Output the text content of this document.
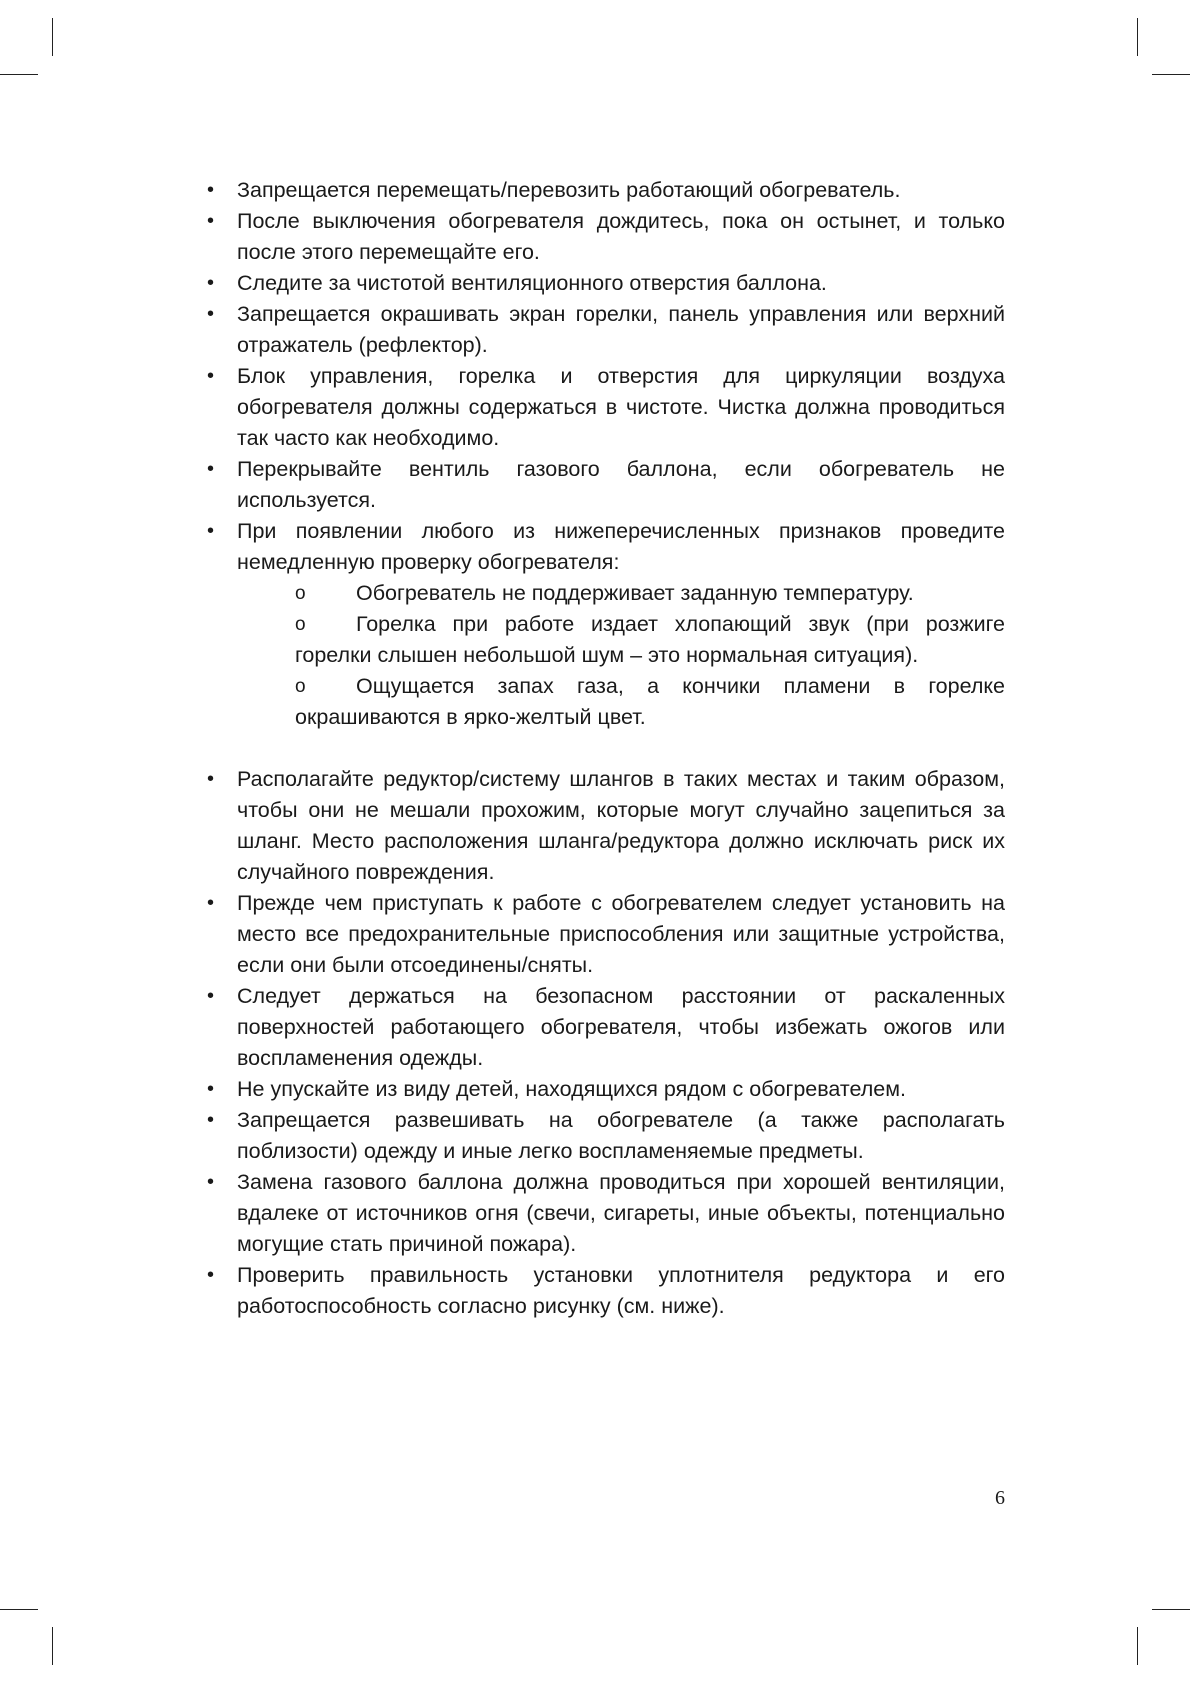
•	Запрещается перемещать/перевозить работающий обогреватель.
•	После выключения обогревателя дождитесь, пока он остынет, и только после этого перемещайте его.
•	Следите за чистотой вентиляционного отверстия баллона.
•	Запрещается окрашивать экран горелки, панель управления или верхний отражатель (рефлектор).
•	Блок управления, горелка и отверстия для циркуляции воздуха обогревателя должны содержаться в чистоте. Чистка должна проводиться так часто как необходимо.
•	Перекрывайте вентиль газового баллона, если обогреватель не используется.
•	При появлении любого из нижеперечисленных признаков проведите немедленную проверку обогревателя:
o Обогреватель не поддерживает заданную температуру.
o Горелка при работе издает хлопающий звук (при розжиге горелки слышен небольшой шум – это нормальная ситуация).
o Ощущается запах газа, а кончики пламени в горелке окрашиваются в ярко-желтый цвет.
•	Располагайте редуктор/систему шлангов в таких местах и таким образом, чтобы они не мешали прохожим, которые могут случайно зацепиться за шланг. Место расположения шланга/редуктора должно исключать риск их случайного повреждения.
•	Прежде чем приступать к работе с обогревателем следует установить на место все предохранительные приспособления или защитные устройства, если они были отсоединены/сняты.
•	Следует держаться на безопасном расстоянии от раскаленных поверхностей работающего обогревателя, чтобы избежать ожогов или воспламенения одежды.
•	Не упускайте из виду детей, находящихся рядом с обогревателем.
•	Запрещается развешивать на обогревателе (а также располагать поблизости) одежду и иные легко воспламеняемые предметы.
•	Замена газового баллона должна проводиться при хорошей вентиляции, вдалеке от источников огня (свечи, сигареты, иные объекты, потенциально могущие стать причиной пожара).
•	Проверить правильность установки уплотнителя редуктора и его работоспособность согласно рисунку (см. ниже).
6
